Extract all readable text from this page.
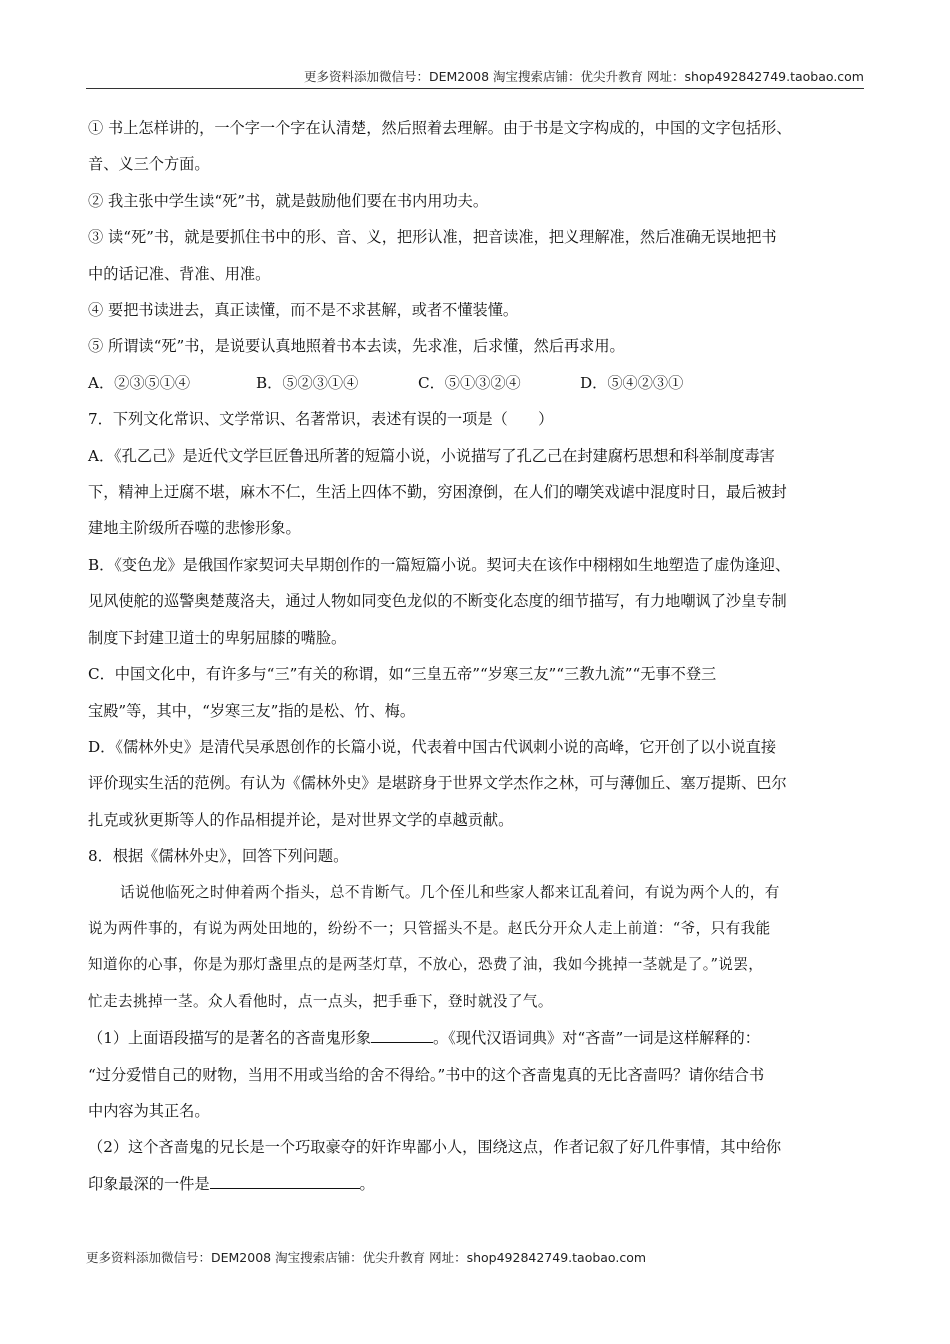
更多资料添加微信号：DEM2008 淘宝搜索店铺：优尖升教育 网址：shop492842749.taobao.com
① 书上怎样讲的，一个字一个字在认清楚，然后照着去理解。由于书是文字构成的，中国的文字包括形、
音、义三个方面。
② 我主张中学生读“死”书，就是鼓励他们要在书内用功夫。
③ 读“死”书，就是要抓住书中的形、音、义，把形认准，把音读准，把义理解准，然后准确无误地把书
中的话记准、背准、用准。
④ 要把书读进去，真正读懂，而不是不求甚解，或者不懂装懂。
⑤ 所谓读“死”书，是说要认真地照着书本去读，先求准，后求懂，然后再求用。
A．②③⑤①④	B．⑤②③①④	C．⑤①③②④	D．⑤④②③①
7．下列文化常识、文学常识、名著常识，表述有误的一项是（　　）
A．《孔乙己》是近代文学巨匠鲁迅所著的短篇小说，小说描写了孔乙己在封建腐朽思想和科举制度毒害
下，精神上迂腐不堪，麻木不仁，生活上四体不勤，穷困潦倒，在人们的嘲笑戏谑中混度时日，最后被封
建地主阶级所吞噬的悲惨形象。
B．《变色龙》是俄国作家契诃夫早期创作的一篇短篇小说。契诃夫在该作中栩栩如生地塑造了虚伪逢迎、
见风使舵的巡警奥楚蔑洛夫，通过人物如同变色龙似的不断变化态度的细节描写，有力地嘲讽了沙皇专制
制度下封建卫道士的卑躬屈膝的嘴脸。
C．中国文化中，有许多与“三”有关的称谓，如“三皇五帝”“岁寒三友”“三教九流”“无事不登三
宝殿”等，其中，“岁寒三友”指的是松、竹、梅。
D．《儒林外史》是清代吴承恩创作的长篇小说，代表着中国古代讽刺小说的高峰，它开创了以小说直接
评价现实生活的范例。有认为《儒林外史》是堪跻身于世界文学杰作之林，可与薄伽丘、塞万提斯、巴尔
扎克或狄更斯等人的作品相提并论，是对世界文学的卓越贡献。
8．根据《儒林外史》，回答下列问题。
话说他临死之时伸着两个指头，总不肯断气。几个侄儿和些家人都来讧乱着问，有说为两个人的，有
说为两件事的，有说为两处田地的，纷纷不一；只管摇头不是。赵氏分开众人走上前道：“爷，只有我能
知道你的心事，你是为那灯盏里点的是两茎灯草，不放心，恐费了油，我如今挑掉一茎就是了。”说罢，
忙走去挑掉一茎。众人看他时，点一点头，把手垂下，登时就没了气。
（1）上面语段描写的是著名的吝啬鬼形象	。《现代汉语词典》对“吝啬”一词是这样解释的：
“过分爱惜自己的财物，当用不用或当给的舍不得给。”书中的这个吝啬鬼真的无比吝啬吗？请你结合书
中内容为其正名。
（2）这个吝啬鬼的兄长是一个巧取豪夺的奸诈卑鄙小人，围绕这点，作者记叙了好几件事情，其中给你
印象最深的一件是	。
更多资料添加微信号：DEM2008 淘宝搜索店铺：优尖升教育 网址：shop492842749.taobao.com
